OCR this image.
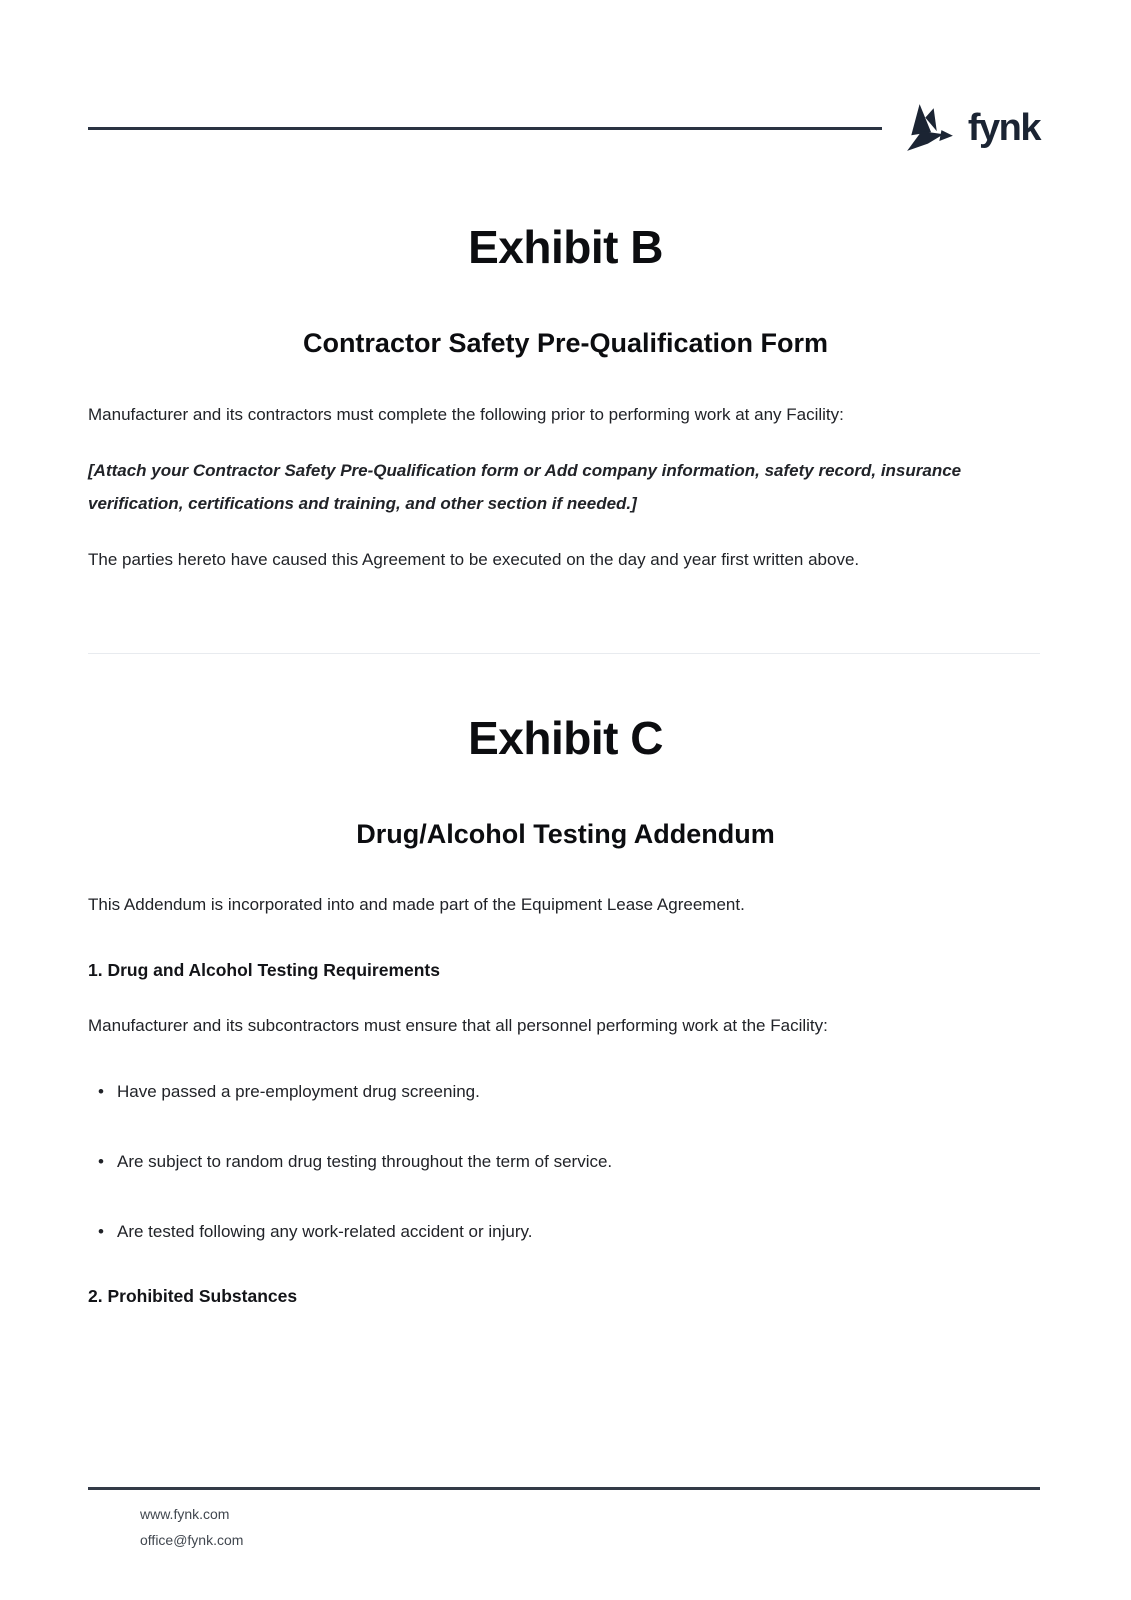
fynk
Exhibit B
Contractor Safety Pre-Qualification Form

Manufacturer and its contractors must complete the following prior to performing work at any Facility:

[Attach your Contractor Safety Pre-Qualification form or Add company information, safety record, insurance verification, certifications and training, and other section if needed.]

The parties hereto have caused this Agreement to be executed on the day and year first written above.

Exhibit C
Drug/Alcohol Testing Addendum

This Addendum is incorporated into and made part of the Equipment Lease Agreement.

1. Drug and Alcohol Testing Requirements

Manufacturer and its subcontractors must ensure that all personnel performing work at the Facility:

• Have passed a pre-employment drug screening.
• Are subject to random drug testing throughout the term of service.
• Are tested following any work-related accident or injury.
2. Prohibited Substances
www.fynk.com
office@fynk.com
